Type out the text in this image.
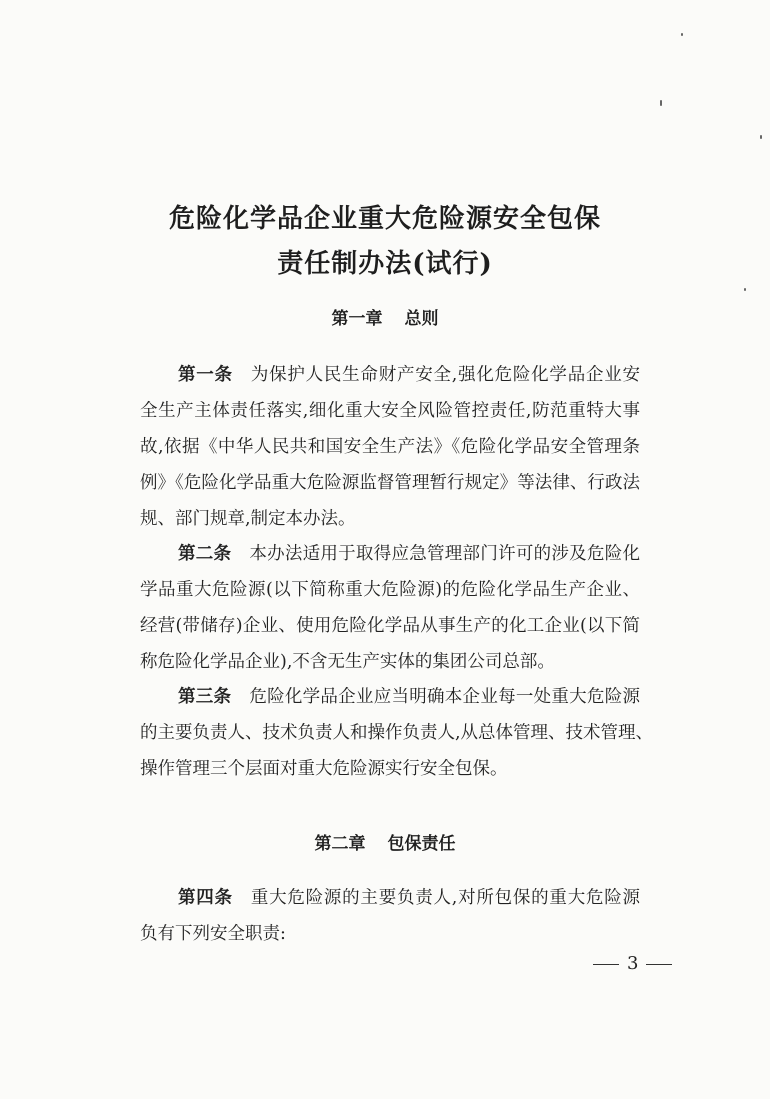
危险化学品企业重大危险源安全包保
责任制办法(试行)
第一章 总则
第一条 为保护人民生命财产安全,强化危险化学品企业安
全生产主体责任落实,细化重大安全风险管控责任,防范重特大事
故,依据《中华人民共和国安全生产法》《危险化学品安全管理条
例》《危险化学品重大危险源监督管理暂行规定》等法律、行政法
规、部门规章,制定本办法。
第二条 本办法适用于取得应急管理部门许可的涉及危险化
学品重大危险源(以下简称重大危险源)的危险化学品生产企业、
经营(带储存)企业、使用危险化学品从事生产的化工企业(以下简
称危险化学品企业),不含无生产实体的集团公司总部。
第三条 危险化学品企业应当明确本企业每一处重大危险源
的主要负责人、技术负责人和操作负责人,从总体管理、技术管理、
操作管理三个层面对重大危险源实行安全包保。
第二章 包保责任
第四条 重大危险源的主要负责人,对所包保的重大危险源
负有下列安全职责:
3
